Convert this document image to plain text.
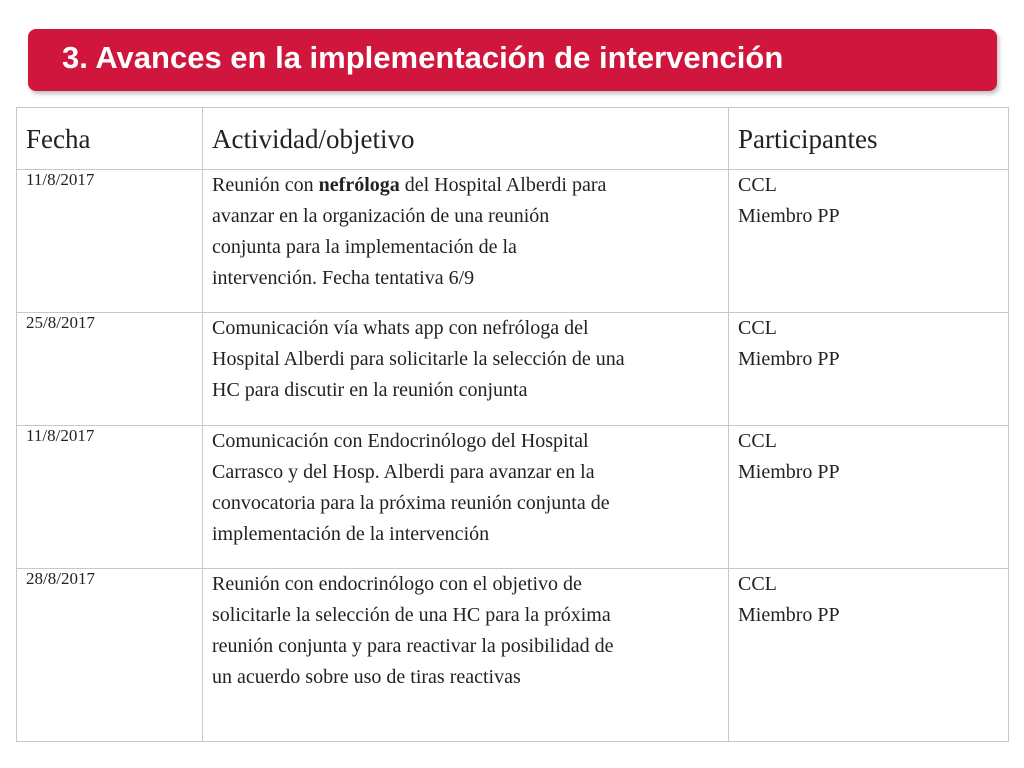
3. Avances en la implementación de intervención
Fecha	Actividad/objetivo	Participantes
11/8/2017	Reunión con nefróloga del Hospital Alberdi para
avanzar en la organización de una reunión
conjunta para la implementación de la
intervención. Fecha tentativa 6/9	CCL
Miembro PP

25/8/2017	Comunicación vía whats app con nefróloga del
Hospital Alberdi para solicitarle la selección de una
HC para discutir en la reunión conjunta	CCL
Miembro PP

11/8/2017	Comunicación con Endocrinólogo del Hospital
Carrasco y del Hosp. Alberdi para avanzar en la
convocatoria para la próxima reunión conjunta de
implementación de la intervención	CCL
Miembro PP

28/8/2017	Reunión con endocrinólogo con el objetivo de
solicitarle la selección de una HC para la próxima
reunión conjunta y para reactivar la posibilidad de
un acuerdo sobre uso de tiras reactivas	CCL
Miembro PP
